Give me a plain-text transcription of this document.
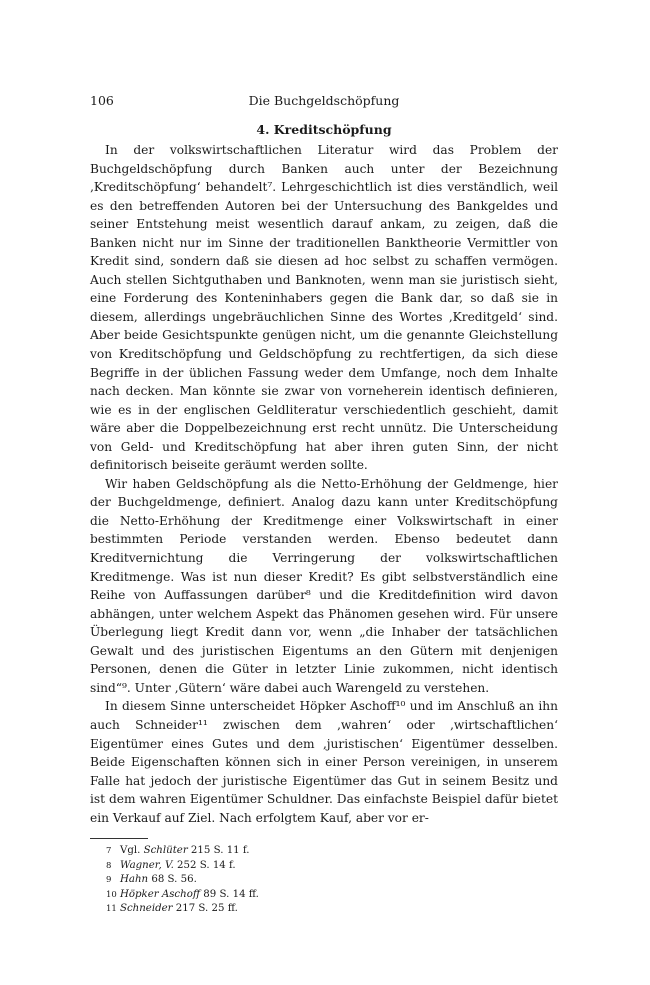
106	Die Buchgeldschöpfung
4. Kreditschöpfung

In der volkswirtschaftlichen Literatur wird das Problem der Buchgeldschöpfung durch Banken auch unter der Bezeichnung ‚Kreditschöpfung‘ behandelt⁷. Lehrgeschichtlich ist dies verständlich, weil es den betreffenden Autoren bei der Untersuchung des Bankgeldes und seiner Entstehung meist wesentlich darauf ankam, zu zeigen, daß die Banken nicht nur im Sinne der traditionellen Banktheorie Vermittler von Kredit sind, sondern daß sie diesen ad hoc selbst zu schaffen vermögen. Auch stellen Sichtguthaben und Banknoten, wenn man sie juristisch sieht, eine Forderung des Konteninhabers gegen die Bank dar, so daß sie in diesem, allerdings ungebräuchlichen Sinne des Wortes ‚Kreditgeld‘ sind. Aber beide Gesichtspunkte genügen nicht, um die genannte Gleichstellung von Kreditschöpfung und Geldschöpfung zu rechtfertigen, da sich diese Begriffe in der üblichen Fassung weder dem Umfange, noch dem Inhalte nach decken. Man könnte sie zwar von vorneherein identisch definieren, wie es in der englischen Geldliteratur verschiedentlich geschieht, damit wäre aber die Doppelbezeichnung erst recht unnütz. Die Unterscheidung von Geld- und Kreditschöpfung hat aber ihren guten Sinn, der nicht definitorisch beiseite geräumt werden sollte.

Wir haben Geldschöpfung als die Netto-Erhöhung der Geldmenge, hier der Buchgeldmenge, definiert. Analog dazu kann unter Kreditschöpfung die Netto-Erhöhung der Kreditmenge einer Volkswirtschaft in einer bestimmten Periode verstanden werden. Ebenso bedeutet dann Kreditvernichtung die Verringerung der volkswirtschaftlichen Kreditmenge. Was ist nun dieser Kredit? Es gibt selbstverständlich eine Reihe von Auffassungen darüber⁸ und die Kreditdefinition wird davon abhängen, unter welchem Aspekt das Phänomen gesehen wird. Für unsere Überlegung liegt Kredit dann vor, wenn „die Inhaber der tatsächlichen Gewalt und des juristischen Eigentums an den Gütern mit denjenigen Personen, denen die Güter in letzter Linie zukommen, nicht identisch sind“⁹. Unter ‚Gütern‘ wäre dabei auch Warengeld zu verstehen.

In diesem Sinne unterscheidet Höpker Aschoff¹⁰ und im Anschluß an ihn auch Schneider¹¹ zwischen dem ‚wahren‘ oder ‚wirtschaftlichen‘ Eigentümer eines Gutes und dem ‚juristischen‘ Eigentümer desselben. Beide Eigenschaften können sich in einer Person vereinigen, in unserem Falle hat jedoch der juristische Eigentümer das Gut in seinem Besitz und ist dem wahren Eigentümer Schuldner. Das einfachste Beispiel dafür bietet ein Verkauf auf Ziel. Nach erfolgtem Kauf, aber vor er-

7 Vgl. Schlüter 215 S. 11 f.
8 Wagner, V. 252 S. 14 f.
9 Hahn 68 S. 56.
10 Höpker Aschoff 89 S. 14 ff.
11 Schneider 217 S. 25 ff.
